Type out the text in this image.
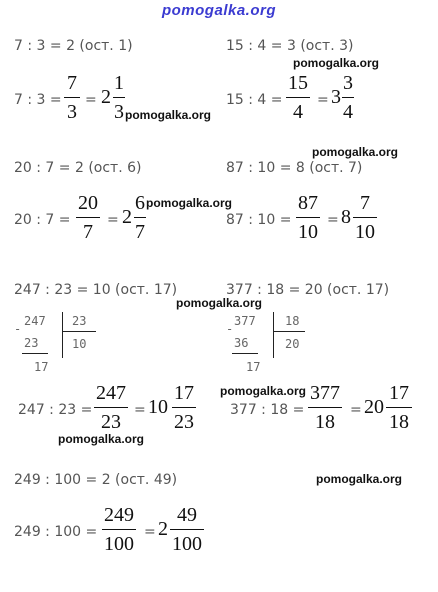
pomogalka.org
7 : 3 = 2 (ост. 1)	15 : 4 = 3 (ост. 3)
pomogalka.org
7 : 3 =
7
3
= 2
1
3 pomogalka.org
15 : 4 =
15
4
= 3
3
4
pomogalka.org
20 : 7 = 2 (ост. 6)	87 : 10 = 8 (ост. 7)
20 : 7 =
20
7
= 2
6
7
pomogalka.org
87 : 10 =
87
10
= 8
7
10
247 : 23 = 10 (ост. 17)	377 : 18 = 20 (ост. 17)
pomogalka.org
-
247 23
23	10
17
-
377 18
36	20
17
pomogalka.org
247 : 23 =
247
23
= 10
17
23
pomogalka.org
377 : 18 =
377
18
= 20
17
18
249 : 100 = 2 (ост. 49)	pomogalka.org
249 : 100 =
249
100
= 2
49
100
